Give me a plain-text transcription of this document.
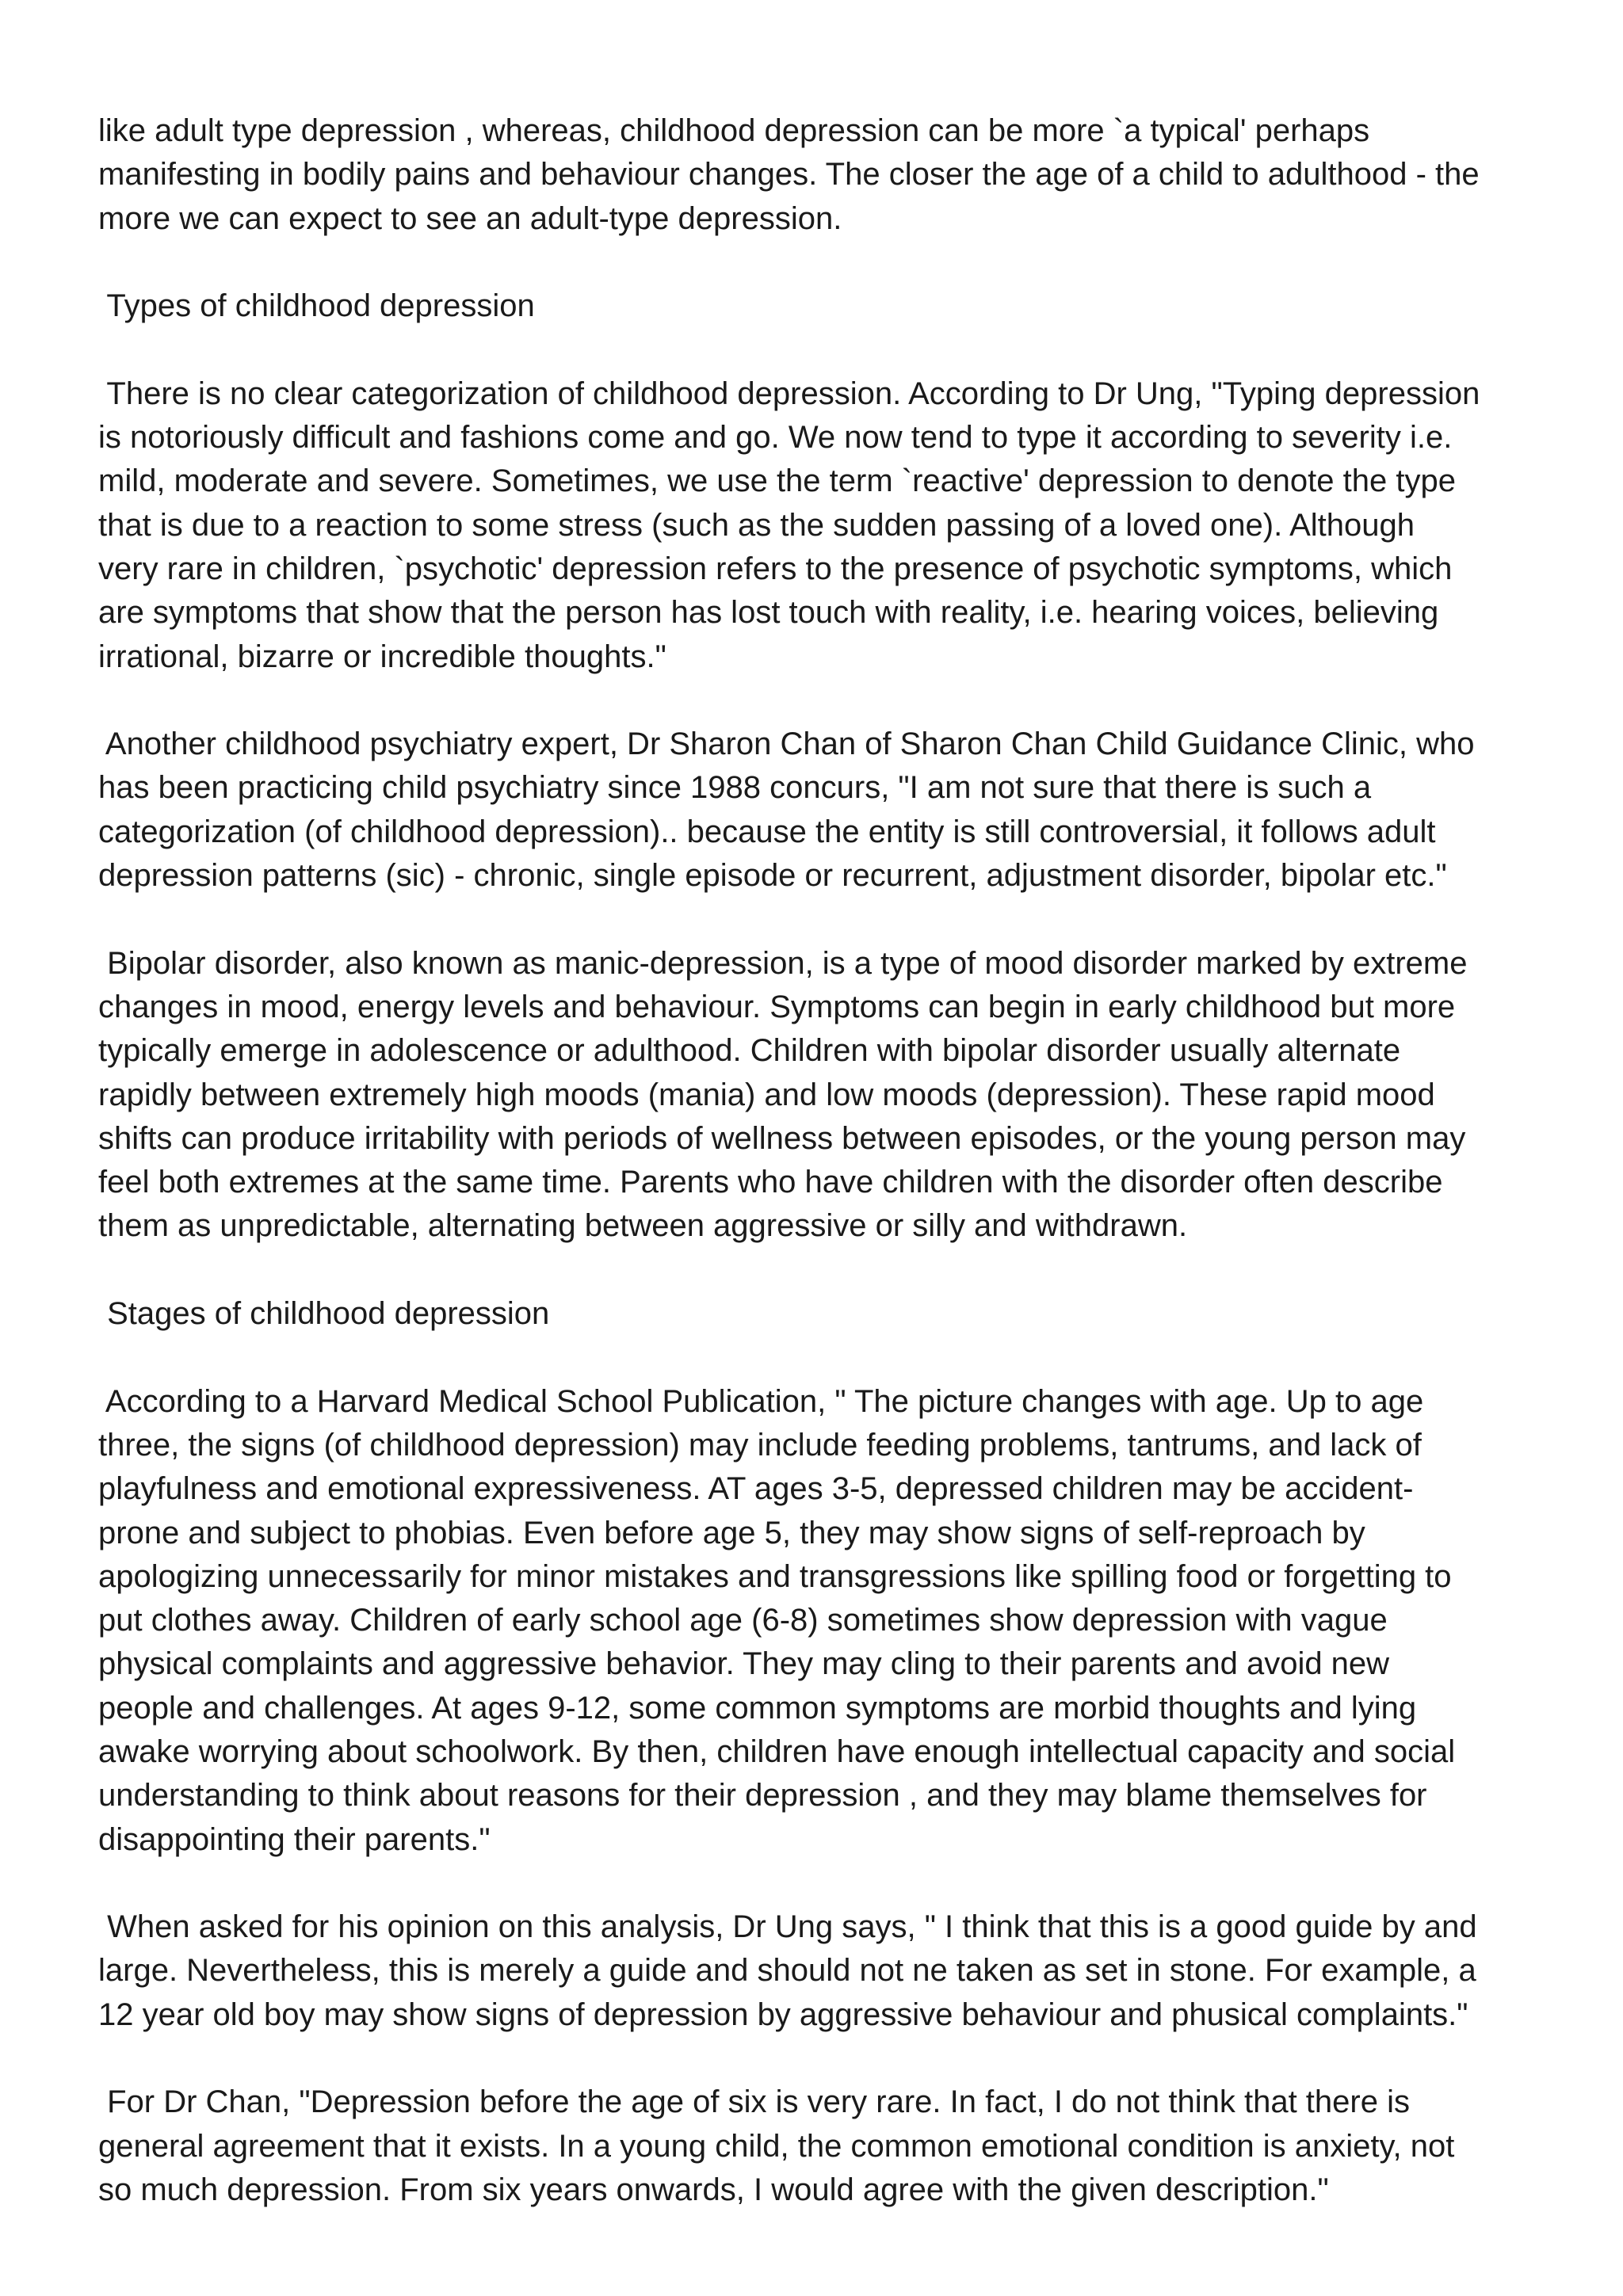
like adult type depression , whereas, childhood depression can be more `a typical' perhaps
manifesting in bodily pains and behaviour changes. The closer the age of a child to adulthood - the
more we can expect to see an adult-type depression.
Types of childhood depression
There is no clear categorization of childhood depression. According to Dr Ung, "Typing depression
is notoriously difficult and fashions come and go. We now tend to type it according to severity i.e.
mild, moderate and severe. Sometimes, we use the term `reactive' depression to denote the type
that is due to a reaction to some stress (such as the sudden passing of a loved one). Although
very rare in children, `psychotic' depression refers to the presence of psychotic symptoms, which
are symptoms that show that the person has lost touch with reality, i.e. hearing voices, believing
irrational, bizarre or incredible thoughts."
Another childhood psychiatry expert, Dr Sharon Chan of Sharon Chan Child Guidance Clinic, who
has been practicing child psychiatry since 1988 concurs, "I am not sure that there is such a
categorization (of childhood depression).. because the entity is still controversial, it follows adult
depression patterns (sic) - chronic, single episode or recurrent, adjustment disorder, bipolar etc."
Bipolar disorder, also known as manic-depression, is a type of mood disorder marked by extreme
changes in mood, energy levels and behaviour. Symptoms can begin in early childhood but more
typically emerge in adolescence or adulthood. Children with bipolar disorder usually alternate
rapidly between extremely high moods (mania) and low moods (depression). These rapid mood
shifts can produce irritability with periods of wellness between episodes, or the young person may
feel both extremes at the same time. Parents who have children with the disorder often describe
them as unpredictable, alternating between aggressive or silly and withdrawn.
Stages of childhood depression
According to a Harvard Medical School Publication, " The picture changes with age. Up to age
three, the signs (of childhood depression) may include feeding problems, tantrums, and lack of
playfulness and emotional expressiveness. AT ages 3-5, depressed children may be accident-
prone and subject to phobias. Even before age 5, they may show signs of self-reproach by
apologizing unnecessarily for minor mistakes and transgressions like spilling food or forgetting to
put clothes away. Children of early school age (6-8) sometimes show depression with vague
physical complaints and aggressive behavior. They may cling to their parents and avoid new
people and challenges. At ages 9-12, some common symptoms are morbid thoughts and lying
awake worrying about schoolwork. By then, children have enough intellectual capacity and social
understanding to think about reasons for their depression , and they may blame themselves for
disappointing their parents."
When asked for his opinion on this analysis, Dr Ung says, " I think that this is a good guide by and
large. Nevertheless, this is merely a guide and should not ne taken as set in stone. For example, a
12 year old boy may show signs of depression by aggressive behaviour and phusical complaints."
For Dr Chan, "Depression before the age of six is very rare. In fact, I do not think that there is
general agreement that it exists. In a young child, the common emotional condition is anxiety, not
so much depression. From six years onwards, I would agree with the given description."
